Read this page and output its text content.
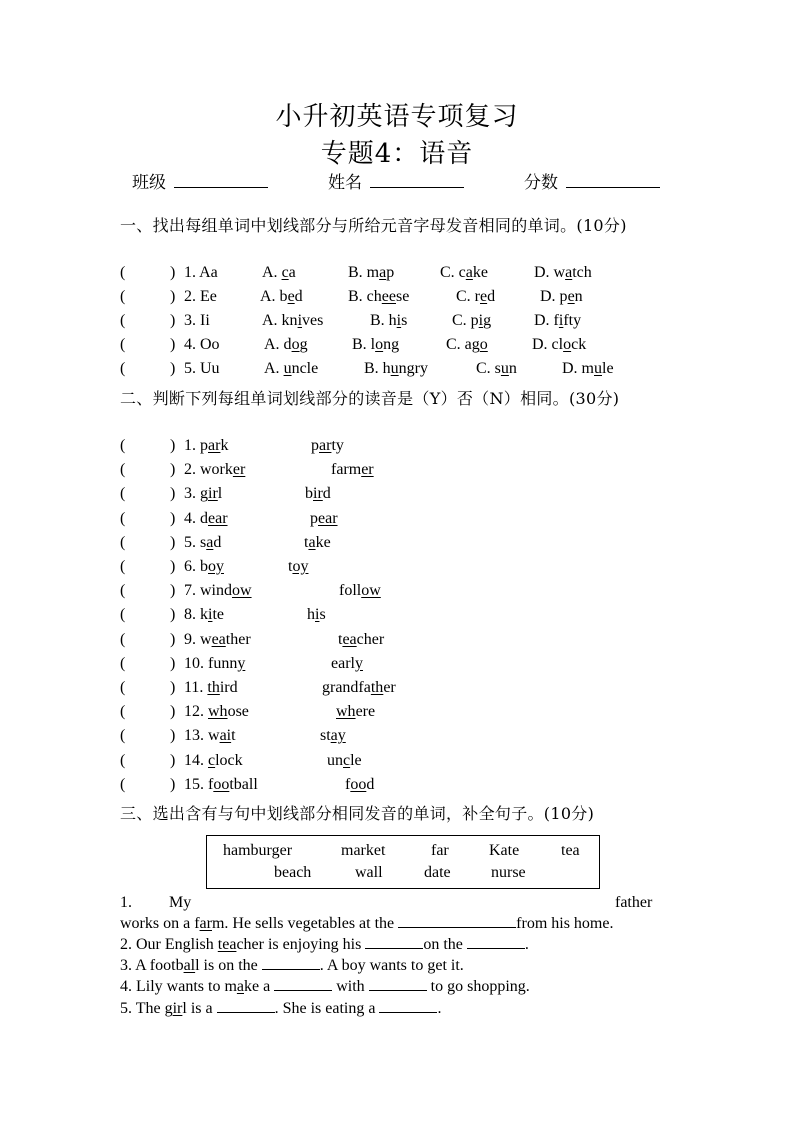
小升初英语专项复习
专题4：语音
班级	姓名	分数
一、找出每组单词中划线部分与所给元音字母发音相同的单词。(10分)
(	) 1. Aa	A. ca	B. map	C. cake	D. watch
(	) 2. Ee	A. bed	B. cheese	C. red	D. pen
(	) 3. Ii	A. knives	B. his	C. pig	D. fifty
(	) 4. Oo	A. dog	B. long	C. ago	D. clock
(	) 5. Uu	A. uncle	B. hungry	C. sun	D. mule
二、判断下列每组单词划线部分的读音是（Y）否（N）相同。(30分)
(	) 1. park	party
(	) 2. worker	farmer
(	) 3. girl	bird
(	) 4. dear	pear
(	) 5. sad	take
(	) 6. boy	toy
(	) 7. window	follow
(	) 8. kite	his
(	) 9. weather	teacher
(	) 10. funny	early
(	) 11. third	grandfather
(	) 12. whose	where
(	) 13. wait	stay
(	) 14. clock	uncle
(	) 15. football	food
三、选出含有与句中划线部分相同发音的单词，补全句子。(10分)
hamburger	market	far	Kate	tea
beach	wall	date	nurse
1. My	father
works on a farm. He sells vegetables at the	from his home.
2. Our English teacher is enjoying his	on the	.
3. A football is on the	. A boy wants to get it.
4. Lily wants to make a	with	to go shopping.
5. The girl is a	. She is eating a	.
